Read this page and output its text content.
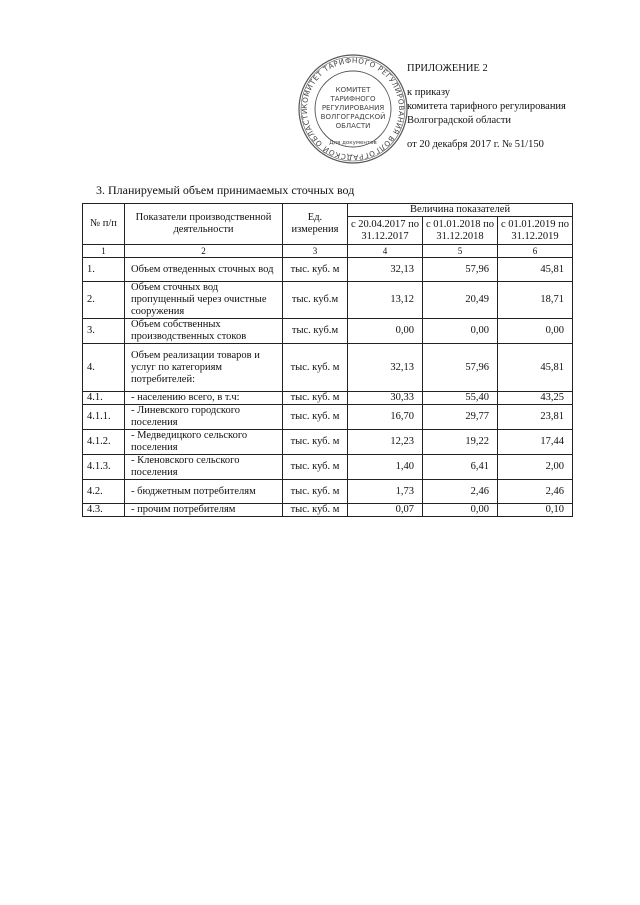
КОМИТЕТ ТАРИФНОГО РЕГУЛИРОВАНИЯ ВОЛГОГРАДСКОЙ ОБЛАСТИ
КОМИТЕТ
ТАРИФНОГО
РЕГУЛИРОВАНИЯ
ВОЛГОГРАДСКОЙ
ОБЛАСТИ
Для документов
ПРИЛОЖЕНИЕ 2
к приказу
комитета тарифного регулирования
Волгоградской области
от 20 декабря 2017 г. № 51/150
3. Планируемый объем принимаемых сточных вод
№ п/п	Показатели производственной деятельности	Ед. измерения	Величина показателей		
			с 20.04.2017 по 31.12.2017	с 01.01.2018 по 31.12.2018	с 01.01.2019 по 31.12.2019
1	2	3	4	5	6
1.	Объем отведенных сточных вод	тыс. куб. м	32,13	57,96	45,81
2.	Объем сточных вод пропущенный через очистные сооружения	тыс. куб.м	13,12	20,49	18,71
3.	Объем собственных производственных стоков	тыс. куб.м	0,00	0,00	0,00
4.	Объем реализации товаров и услуг по категориям потребителей:	тыс. куб. м	32,13	57,96	45,81
4.1.	- населению всего, в т.ч:	тыс. куб. м	30,33	55,40	43,25
4.1.1.	- Линевского городского поселения	тыс. куб. м	16,70	29,77	23,81
4.1.2.	- Медведицкого сельского поселения	тыс. куб. м	12,23	19,22	17,44
4.1.3.	- Кленовского сельского поселения	тыс. куб. м	1,40	6,41	2,00
4.2.	- бюджетным потребителям	тыс. куб. м	1,73	2,46	2,46
4.3.	- прочим потребителям	тыс. куб. м	0,07	0,00	0,10
